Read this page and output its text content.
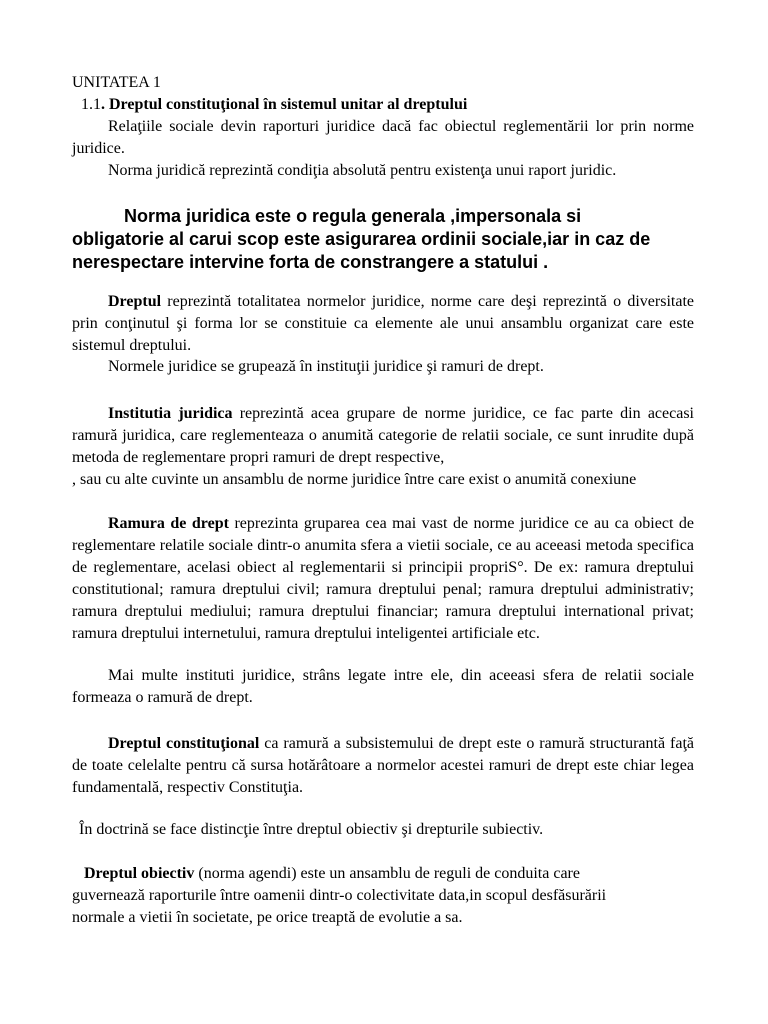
UNITATEA 1

1.1. Dreptul constituţional în sistemul unitar al dreptului

Relaţiile sociale devin raporturi juridice dacă fac obiectul reglementării lor prin norme juridice.

Norma juridică reprezintă condiţia absolută pentru existenţa unui raport juridic.

Norma juridica este o regula generala ,impersonala si obligatorie al carui scop este asigurarea ordinii sociale,iar in caz de nerespectare intervine forta de constrangere a statului .

Dreptul reprezintă totalitatea normelor juridice, norme care deşi reprezintă o diversitate prin conţinutul şi forma lor se constituie ca elemente ale unui ansamblu organizat care este sistemul dreptului.

Normele juridice se grupează în instituţii juridice şi ramuri de drept.

Institutia juridica reprezintă acea grupare de norme juridice, ce fac parte din acecasi ramură juridica, care reglementeaza o anumită categorie de relatii sociale, ce sunt inrudite după metoda de reglementare propri ramuri de drept respective,

, sau cu alte cuvinte un ansamblu de norme juridice între care exist o anumită conexiune

Ramura de drept reprezinta gruparea cea mai vast de norme juridice ce au ca obiect de reglementare relatile sociale dintr-o anumita sfera a vietii sociale, ce au aceeasi metoda specifica de reglementare, acelasi obiect al reglementarii si principii propriS°. De ex: ramura dreptului constitutional; ramura dreptului civil; ramura dreptului penal; ramura dreptului administrativ; ramura dreptului mediului; ramura dreptului financiar; ramura dreptului international privat; ramura dreptului internetului, ramura dreptului inteligentei artificiale etc.

Mai multe instituti juridice, strâns legate intre ele, din aceeasi sfera de relatii sociale formeaza o ramură de drept.

Dreptul constituţional ca ramură a subsistemului de drept este o ramură structurantă faţă de toate celelalte pentru că sursa hotărâtoare a normelor acestei ramuri de drept este chiar legea fundamentală, respectiv Constituţia.

În doctrină se face distincţie între dreptul obiectiv şi drepturile subiectiv.

Dreptul obiectiv (norma agendi) este un ansamblu de reguli de conduita care
guvernează raporturile între oamenii dintr-o colectivitate data,in scopul desfăsurării
normale a vietii în societate, pe orice treaptă de evolutie a sa.
